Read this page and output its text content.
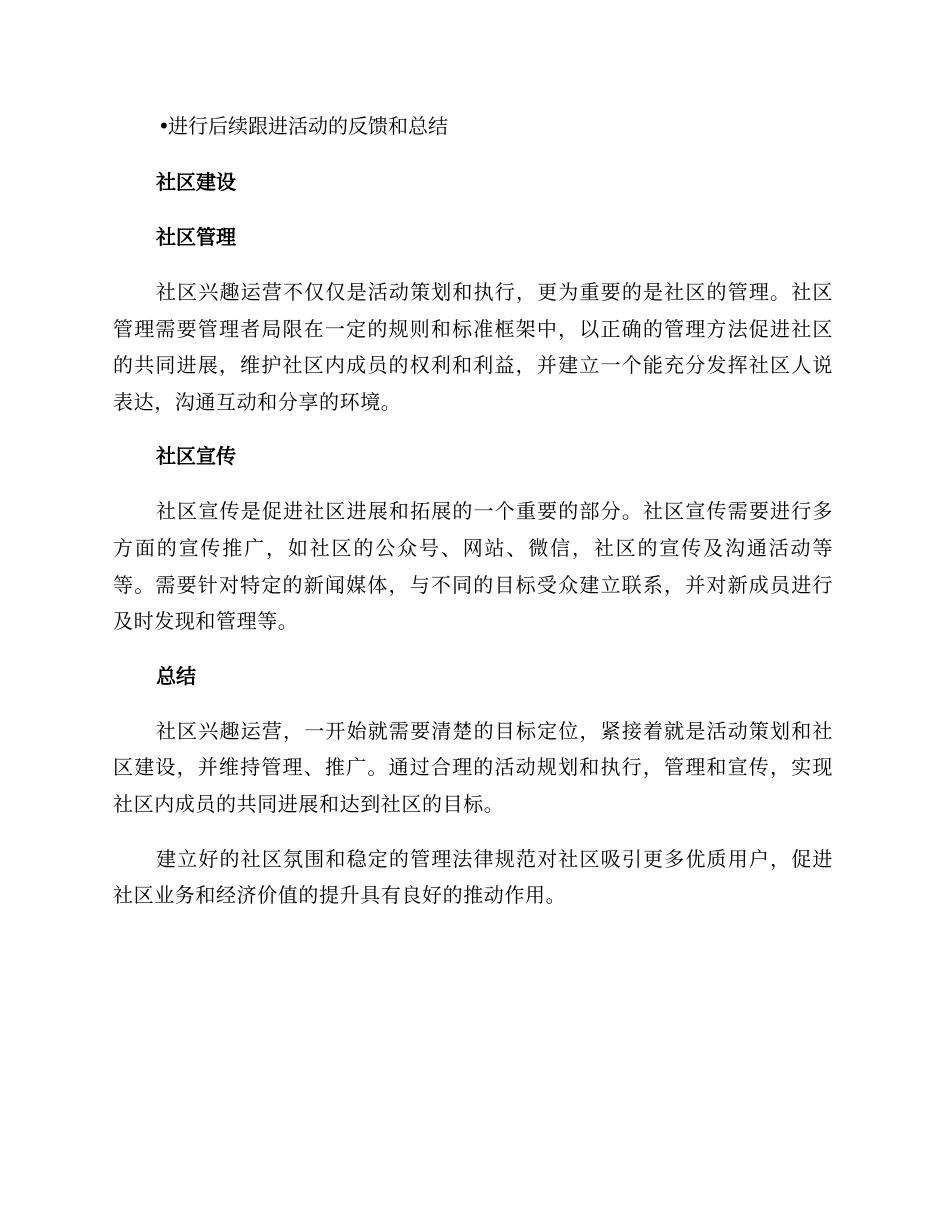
•进行后续跟进活动的反馈和总结
社区建设
社区管理

社区兴趣运营不仅仅是活动策划和执行，更为重要的是社区的管理。社区管理需要管理者局限在一定的规则和标准框架中，以正确的管理方法促进社区的共同进展，维护社区内成员的权利和利益，并建立一个能充分发挥社区人说表达，沟通互动和分享的环境。

社区宣传

社区宣传是促进社区进展和拓展的一个重要的部分。社区宣传需要进行多方面的宣传推广，如社区的公众号、网站、微信，社区的宣传及沟通活动等等。需要针对特定的新闻媒体，与不同的目标受众建立联系，并对新成员进行及时发现和管理等。

总结

社区兴趣运营，一开始就需要清楚的目标定位，紧接着就是活动策划和社区建设，并维持管理、推广。通过合理的活动规划和执行，管理和宣传，实现社区内成员的共同进展和达到社区的目标。

建立好的社区氛围和稳定的管理法律规范对社区吸引更多优质用户，促进社区业务和经济价值的提升具有良好的推动作用。
